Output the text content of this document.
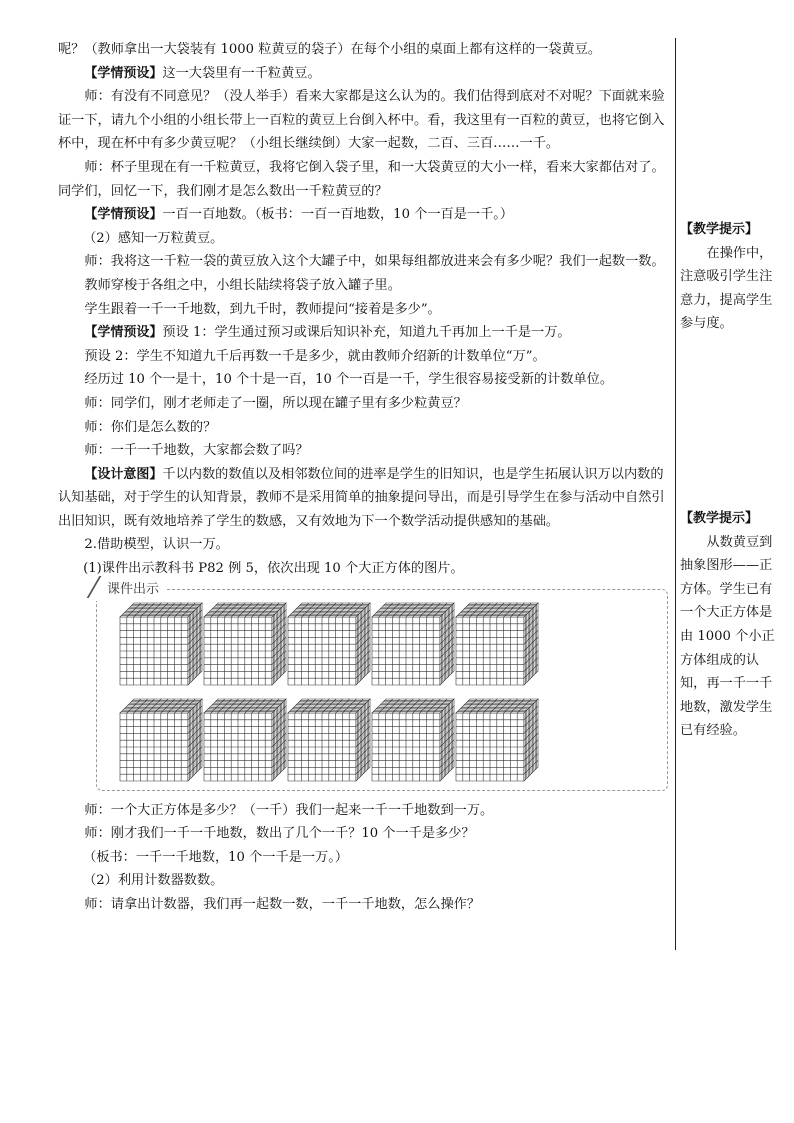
呢？（教师拿出一大袋装有 1000 粒黄豆的袋子）在每个小组的桌面上都有这样的一袋黄豆。

【学情预设】这一大袋里有一千粒黄豆。

师：有没有不同意见？（没人举手）看来大家都是这么认为的。我们估得到底对不对呢？下面就来验证一下，请九个小组的小组长带上一百粒的黄豆上台倒入杯中。看，我这里有一百粒的黄豆，也将它倒入杯中，现在杯中有多少黄豆呢？（小组长继续倒）大家一起数，二百、三百……一千。

师：杯子里现在有一千粒黄豆，我将它倒入袋子里，和一大袋黄豆的大小一样，看来大家都估对了。同学们，回忆一下，我们刚才是怎么数出一千粒黄豆的？

【学情预设】一百一百地数。（板书：一百一百地数，10 个一百是一千。）

（2）感知一万粒黄豆。

师：我将这一千粒一袋的黄豆放入这个大罐子中，如果每组都放进来会有多少呢？我们一起数一数。

教师穿梭于各组之中，小组长陆续将袋子放入罐子里。

学生跟着一千一千地数，到九千时，教师提问“接着是多少”。

【学情预设】预设 1：学生通过预习或课后知识补充，知道九千再加上一千是一万。

预设 2：学生不知道九千后再数一千是多少，就由教师介绍新的计数单位“万”。

经历过 10 个一是十，10 个十是一百，10 个一百是一千，学生很容易接受新的计数单位。

师：同学们，刚才老师走了一圈，所以现在罐子里有多少粒黄豆？

师：你们是怎么数的？

师：一千一千地数，大家都会数了吗？

【设计意图】千以内数的数值以及相邻数位间的进率是学生的旧知识，也是学生拓展认识万以内数的认知基础，对于学生的认知背景，教师不是采用简单的抽象提问导出，而是引导学生在参与活动中自然引出旧知识，既有效地培养了学生的数感，又有效地为下一个数学活动提供感知的基础。

2.借助模型，认识一万。

(1)课件出示教科书 P82 例 5，依次出现 10 个大正方体的图片。

课件出示

师：一个大正方体是多少？（一千）我们一起来一千一千地数到一万。

师：刚才我们一千一千地数，数出了几个一千？10 个一千是多少？

（板书：一千一千地数，10 个一千是一万。）

（2）利用计数器数数。

师：请拿出计数器，我们再一起数一数，一千一千地数，怎么操作？

【教学提示】

在操作中，注意吸引学生注意力，提高学生参与度。

【教学提示】

从数黄豆到抽象图形——正方体。学生已有一个大正方体是由 1000 个小正方体组成的认知，再一千一千地数，激发学生已有经验。
